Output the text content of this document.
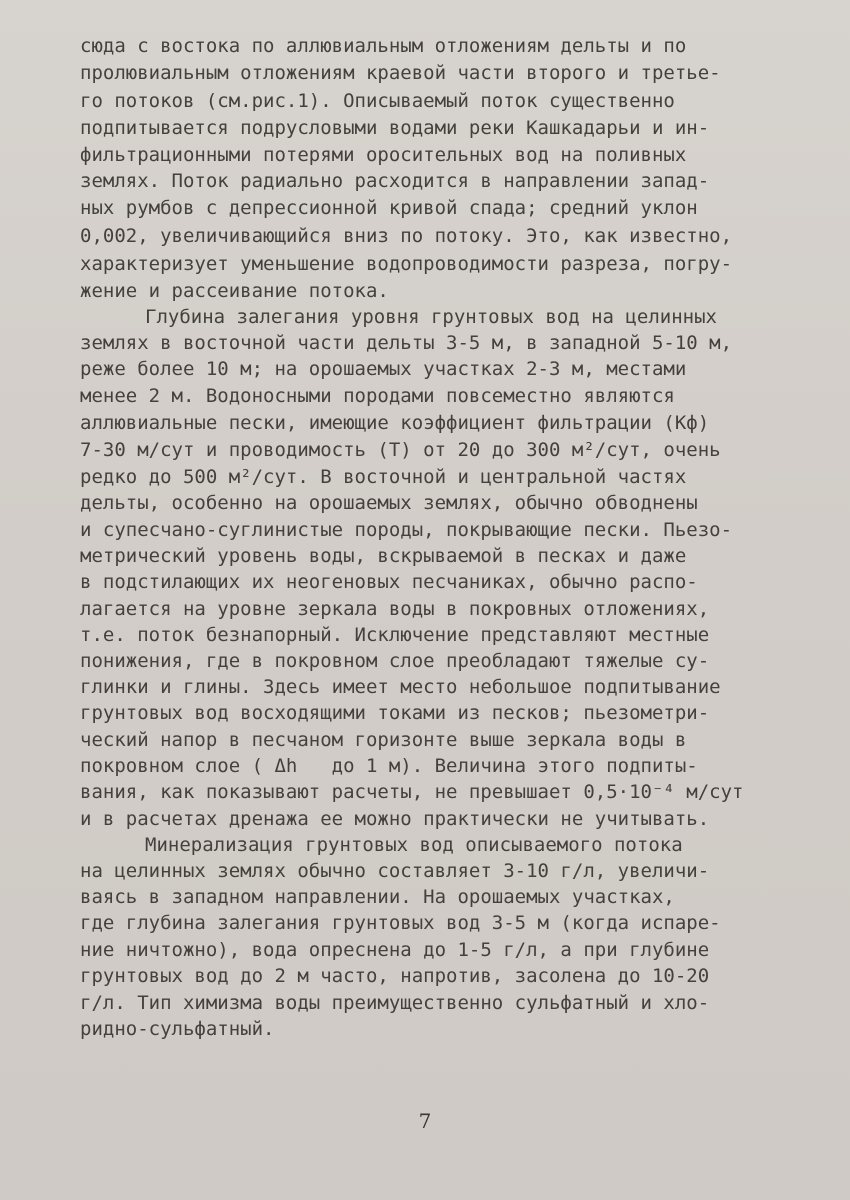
сюда с востока по аллювиальным отложениям дельты и по
пролювиальным отложениям краевой части второго и третье-
го потоков (см.рис.1). Описываемый поток существенно
подпитывается подрусловыми водами реки Кашкадарьи и ин-
фильтрационными потерями оросительных вод на поливных
землях. Поток радиально расходится в направлении запад-
ных румбов с депрессионной кривой спада; средний уклон
0,002, увеличивающийся вниз по потоку. Это, как известно,
характеризует уменьшение водопроводимости разреза, погру-
жение и рассеивание потока.
Глубина залегания уровня грунтовых вод на целинных
землях в восточной части дельты 3-5 м, в западной 5-10 м,
реже более 10 м; на орошаемых участках 2-3 м, местами
менее 2 м. Водоносными породами повсеместно являются
аллювиальные пески, имеющие коэффициент фильтрации (Кф)
7-30 м/сут и проводимость (Т) от 20 до 300 м²/сут, очень
редко до 500 м²/сут. В восточной и центральной частях
дельты, особенно на орошаемых землях, обычно обводнены
и супесчано-суглинистые породы, покрывающие пески. Пьезо-
метрический уровень воды, вскрываемой в песках и даже
в подстилающих их неогеновых песчаниках, обычно распо-
лагается на уровне зеркала воды в покровных отложениях,
т.е. поток безнапорный. Исключение представляют местные
понижения, где в покровном слое преобладают тяжелые су-
глинки и глины. Здесь имеет место небольшое подпитывание
грунтовых вод восходящими токами из песков; пьезометри-
ческий напор в песчаном горизонте выше зеркала воды в
покровном слое ( Δh   до 1 м). Величина этого подпиты-
вания, как показывают расчеты, не превышает 0,5·10⁻⁴ м/сут
и в расчетах дренажа ее можно практически не учитывать.
Минерализация грунтовых вод описываемого потока
на целинных землях обычно составляет 3-10 г/л, увеличи-
ваясь в западном направлении. На орошаемых участках,
где глубина залегания грунтовых вод 3-5 м (когда испаре-
ние ничтожно), вода опреснена до 1-5 г/л, а при глубине
грунтовых вод до 2 м часто, напротив, засолена до 10-20
г/л. Тип химизма воды преимущественно сульфатный и хло-
ридно-сульфатный.
7
